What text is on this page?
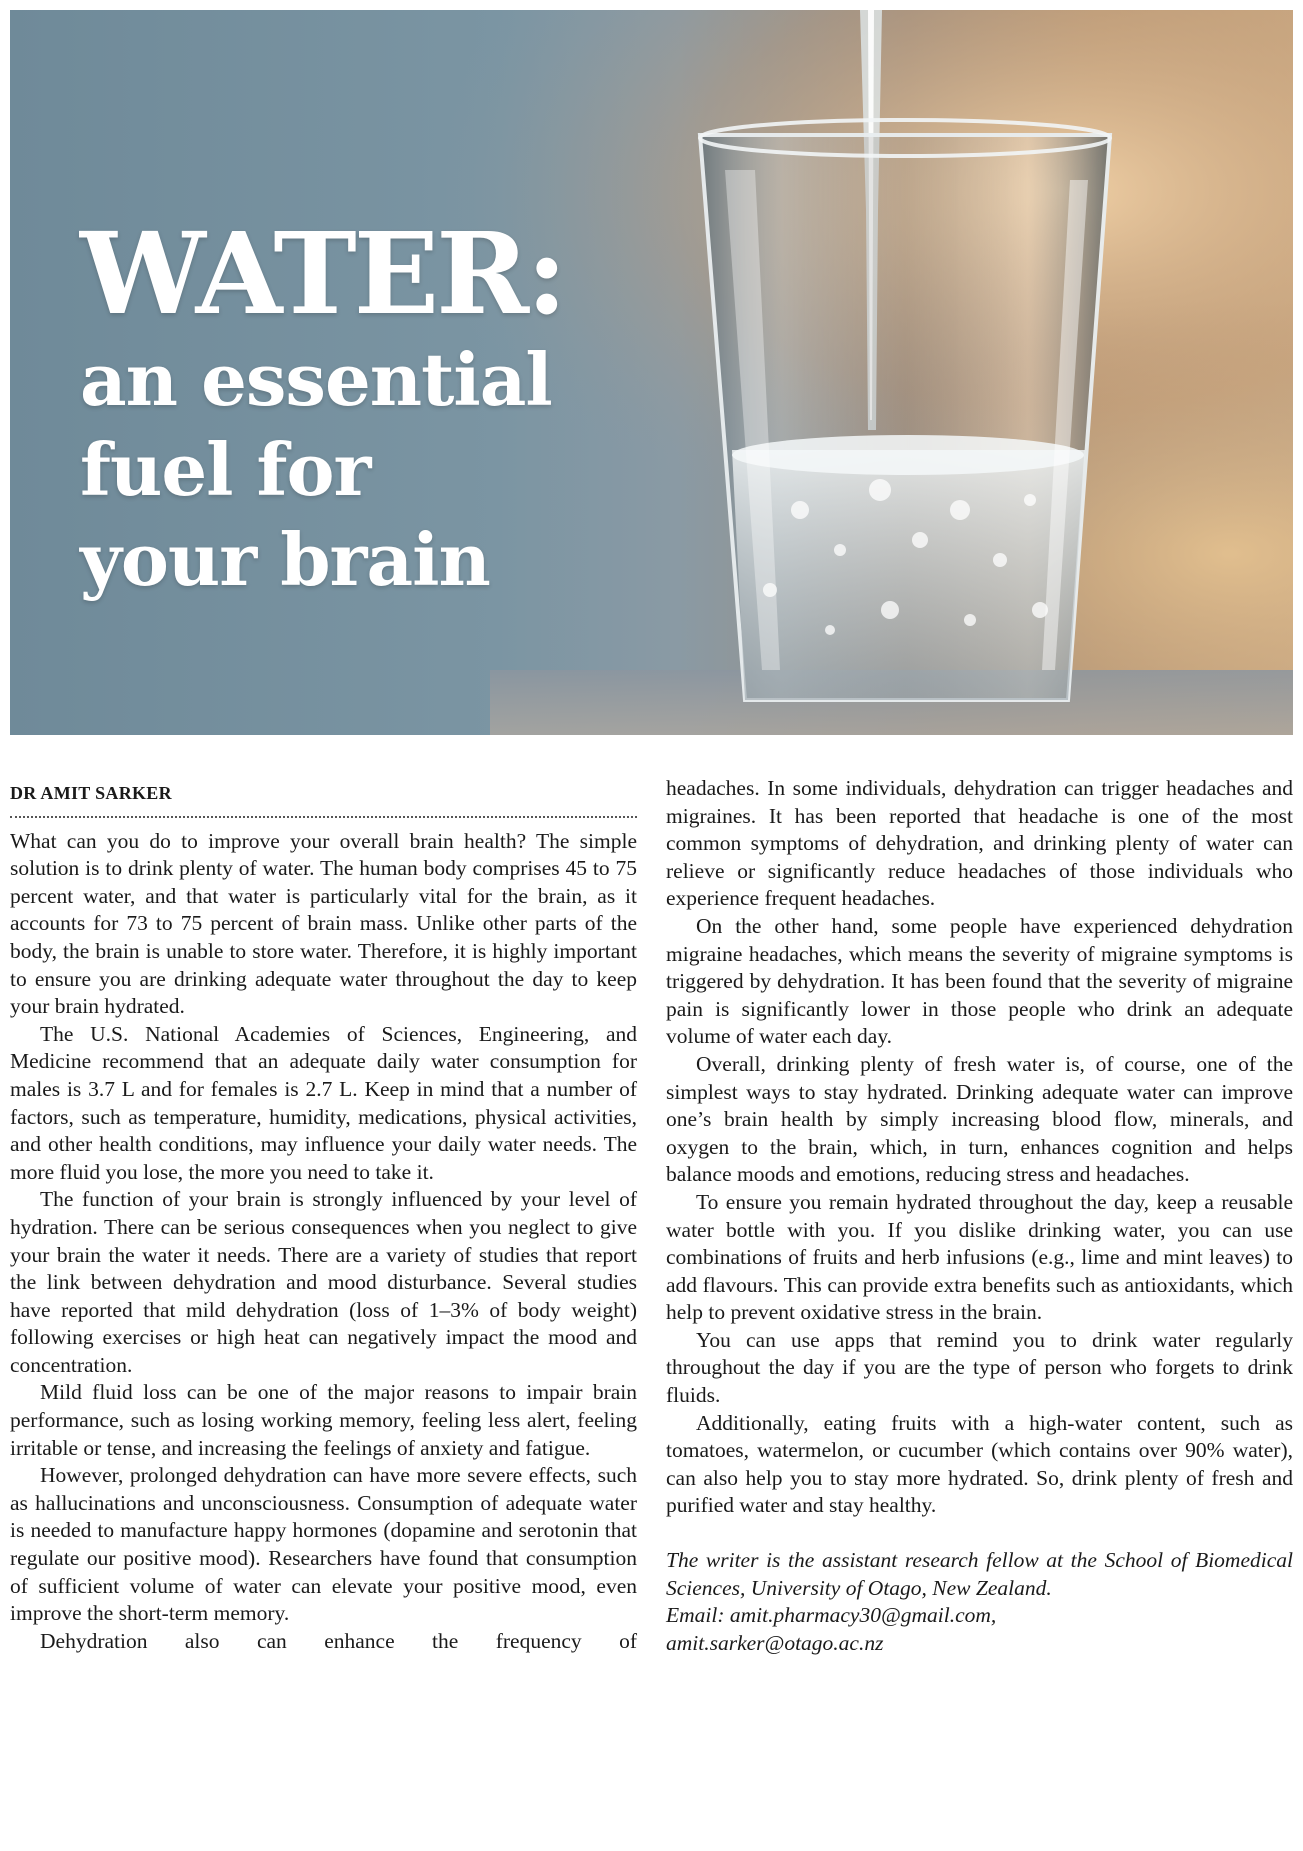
WATER:
an essential
fuel for
your brain
DR AMIT SARKER

What can you do to improve your overall brain health? The simple solution is to drink plenty of water. The human body comprises 45 to 75 percent water, and that water is particularly vital for the brain, as it accounts for 73 to 75 percent of brain mass. Unlike other parts of the body, the brain is unable to store water. Therefore, it is highly important to ensure you are drinking adequate water throughout the day to keep your brain hydrated.

The U.S. National Academies of Sciences, Engineering, and Medicine recommend that an adequate daily water consumption for males is 3.7 L and for females is 2.7 L. Keep in mind that a number of factors, such as temperature, humidity, medications, physical activities, and other health conditions, may influence your daily water needs. The more fluid you lose, the more you need to take it.

The function of your brain is strongly influenced by your level of hydration. There can be serious consequences when you neglect to give your brain the water it needs. There are a variety of studies that report the link between dehydration and mood disturbance. Several studies have reported that mild dehydration (loss of 1–3% of body weight) following exercises or high heat can negatively impact the mood and concentration.

Mild fluid loss can be one of the major reasons to impair brain performance, such as losing working memory, feeling less alert, feeling irritable or tense, and increasing the feelings of anxiety and fatigue.

However, prolonged dehydration can have more severe effects, such as hallucinations and unconsciousness. Consumption of adequate water is needed to manufacture happy hormones (dopamine and serotonin that regulate our positive mood). Researchers have found that consumption of sufficient volume of water can elevate your positive mood, even improve the short-term memory.

Dehydration also can enhance the frequency of

headaches. In some individuals, dehydration can trigger headaches and migraines. It has been reported that headache is one of the most common symptoms of dehydration, and drinking plenty of water can relieve or significantly reduce headaches of those individuals who experience frequent headaches.

On the other hand, some people have experienced dehydration migraine headaches, which means the severity of migraine symptoms is triggered by dehydration. It has been found that the severity of migraine pain is significantly lower in those people who drink an adequate volume of water each day.

Overall, drinking plenty of fresh water is, of course, one of the simplest ways to stay hydrated. Drinking adequate water can improve one’s brain health by simply increasing blood flow, minerals, and oxygen to the brain, which, in turn, enhances cognition and helps balance moods and emotions, reducing stress and headaches.

To ensure you remain hydrated throughout the day, keep a reusable water bottle with you. If you dislike drinking water, you can use combinations of fruits and herb infusions (e.g., lime and mint leaves) to add flavours. This can provide extra benefits such as antioxidants, which help to prevent oxidative stress in the brain.

You can use apps that remind you to drink water regularly throughout the day if you are the type of person who forgets to drink fluids.

Additionally, eating fruits with a high-water content, such as tomatoes, watermelon, or cucumber (which contains over 90% water), can also help you to stay more hydrated. So, drink plenty of fresh and purified water and stay healthy.

The writer is the assistant research fellow at the School of Biomedical Sciences, University of Otago, New Zealand.

Email: amit.pharmacy30@gmail.com,

amit.sarker@otago.ac.nz
